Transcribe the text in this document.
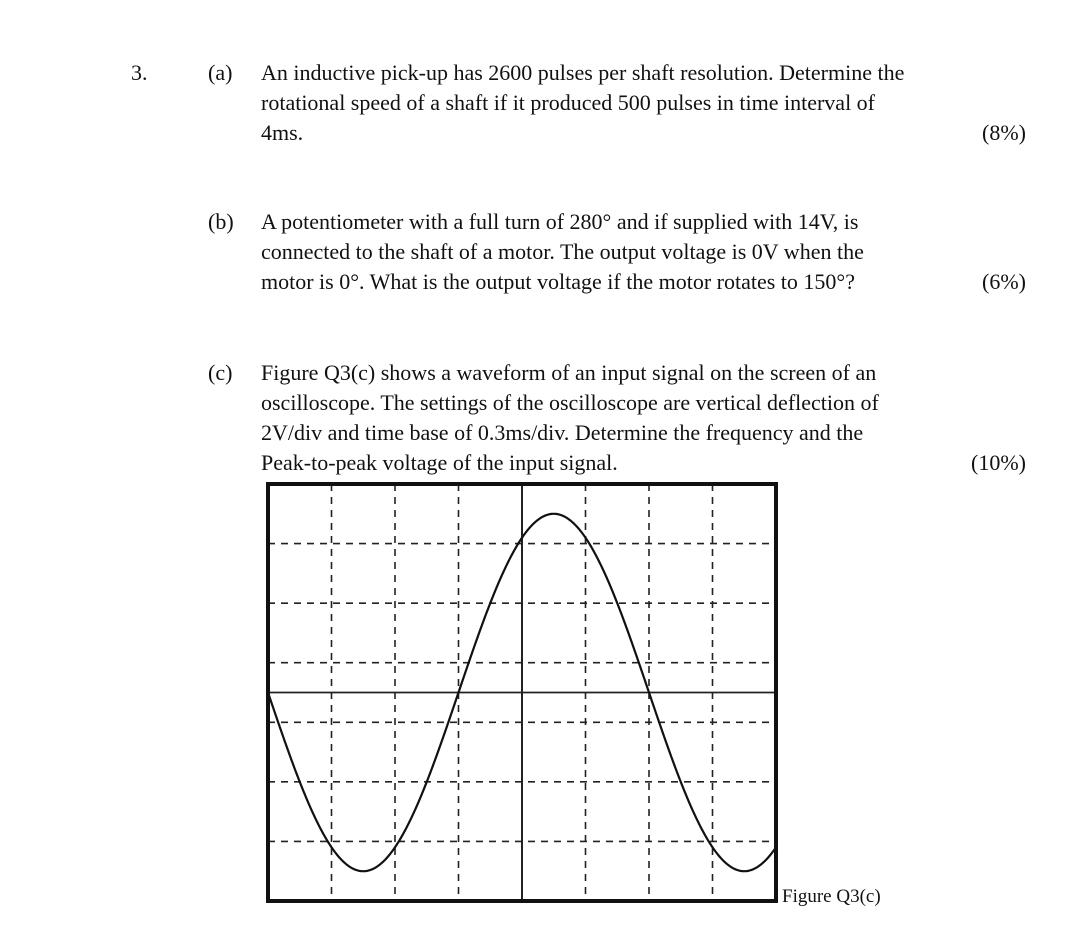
3.	(a) An inductive pick-up has 2600 pulses per shaft resolution. Determine the
rotational speed of a shaft if it produced 500 pulses in time interval of
4ms.	(8%)
(b) A potentiometer with a full turn of 280° and if supplied with 14V, is
connected to the shaft of a motor. The output voltage is 0V when the
motor is 0°. What is the output voltage if the motor rotates to 150°?	(6%)
(c) Figure Q3(c) shows a waveform of an input signal on the screen of an
oscilloscope. The settings of the oscilloscope are vertical deflection of
2V/div and time base of 0.3ms/div. Determine the frequency and the
Peak-to-peak voltage of the input signal.	(10%)
Figure Q3(c)
